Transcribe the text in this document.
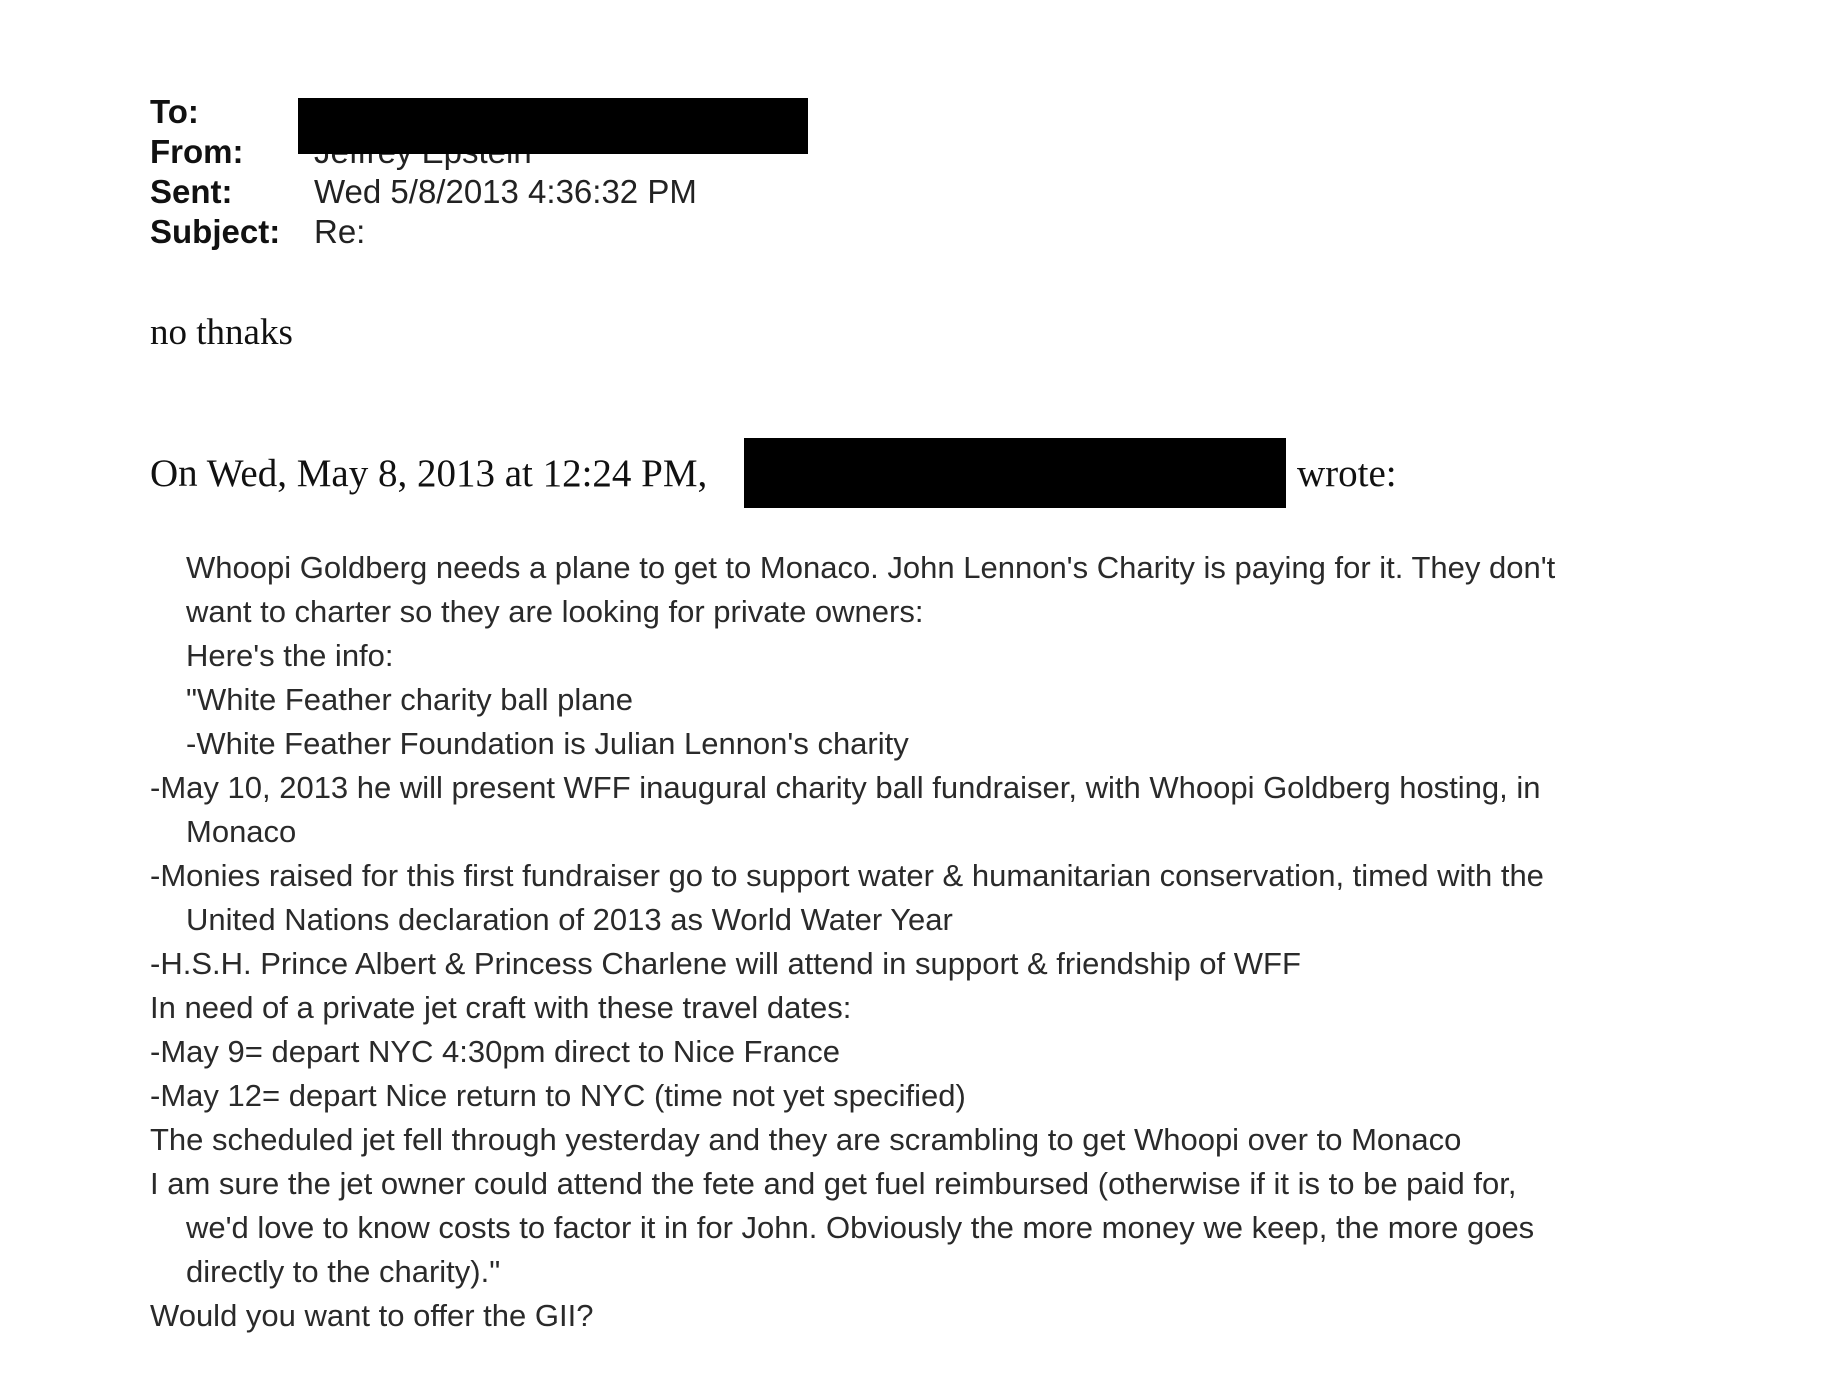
To:
From:
Sent: Wed 5/8/2013 4:36:32 PM
Subject: Re:
no thnaks
On Wed, May 8, 2013 at 12:24 PM,	wrote:
Whoopi Goldberg needs a plane to get to Monaco. John Lennon's Charity is paying for it. They don't
want to charter so they are looking for private owners:
Here's the info:
"White Feather charity ball plane
-White Feather Foundation is Julian Lennon's charity
-May 10, 2013 he will present WFF inaugural charity ball fundraiser, with Whoopi Goldberg hosting, in
Monaco
-Monies raised for this first fundraiser go to support water & humanitarian conservation, timed with the
United Nations declaration of 2013 as World Water Year
-H.S.H. Prince Albert & Princess Charlene will attend in support & friendship of WFF
In need of a private jet craft with these travel dates:
-May 9= depart NYC 4:30pm direct to Nice France
-May 12= depart Nice return to NYC (time not yet specified)
The scheduled jet fell through yesterday and they are scrambling to get Whoopi over to Monaco
I am sure the jet owner could attend the fete and get fuel reimbursed (otherwise if it is to be paid for,
we'd love to know costs to factor it in for John. Obviously the more money we keep, the more goes
directly to the charity)."
Would you want to offer the GII?
